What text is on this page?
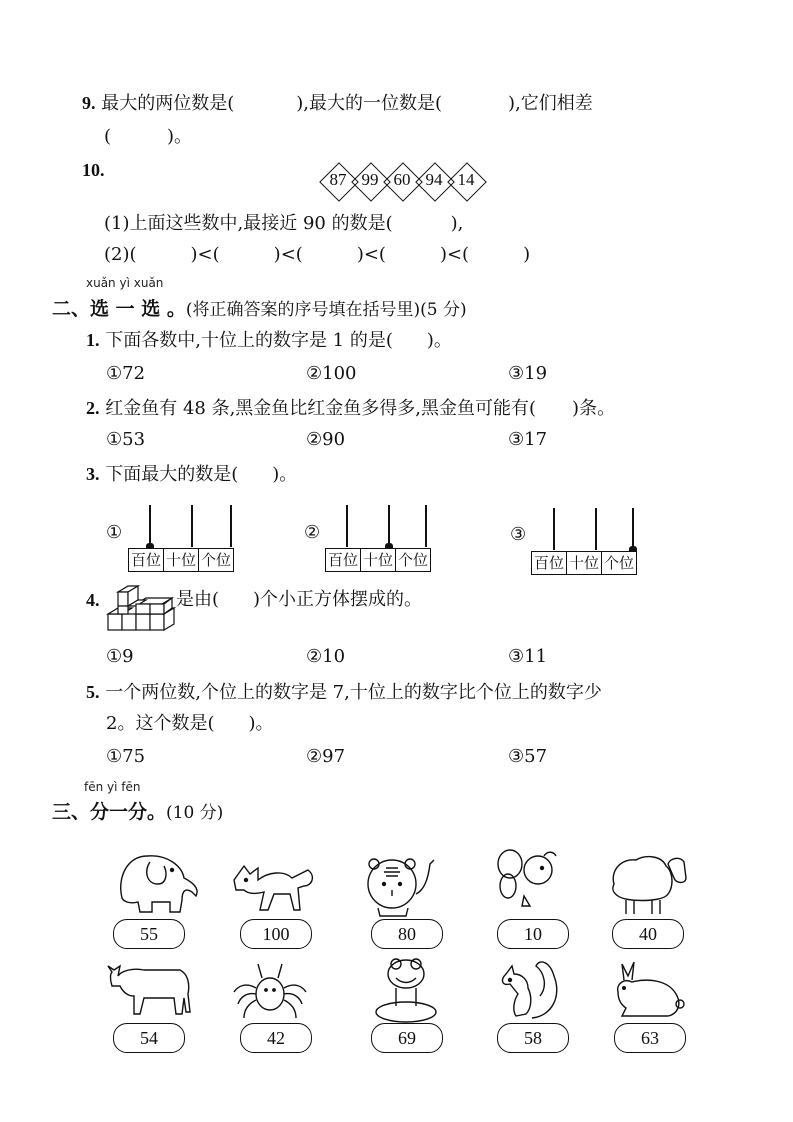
9. 最大的两位数是(	),最大的一位数是(	),它们相差
(	)。
10.	87 99 60 94 14
(1)上面这些数中,最接近 90 的数是(	),
(2)(	)<(	)<(	)<(	)<(	)
xuǎn yì xuǎn
二、选 一 选 。(将正确答案的序号填在括号里)(5 分)
1. 下面各数中,十位上的数字是 1 的是( )。
①72	②100	③19
2. 红金鱼有 48 条,黑金鱼比红金鱼多得多,黑金鱼可能有( )条。
①53	②90	③17
3. 下面最大的数是( )。
①
百位 十位 个位
②
百位 十位 个位
③
百位 十位 个位
4.	是由( )个小正方体摆成的。
①9	②10	③11
5. 一个两位数,个位上的数字是 7,十位上的数字比个位上的数字少
2。这个数是( )。
①75	②97	③57
fēn yì fēn
三、分一分。(10 分)
55	100	80	10	40
54	42	69	58	63
